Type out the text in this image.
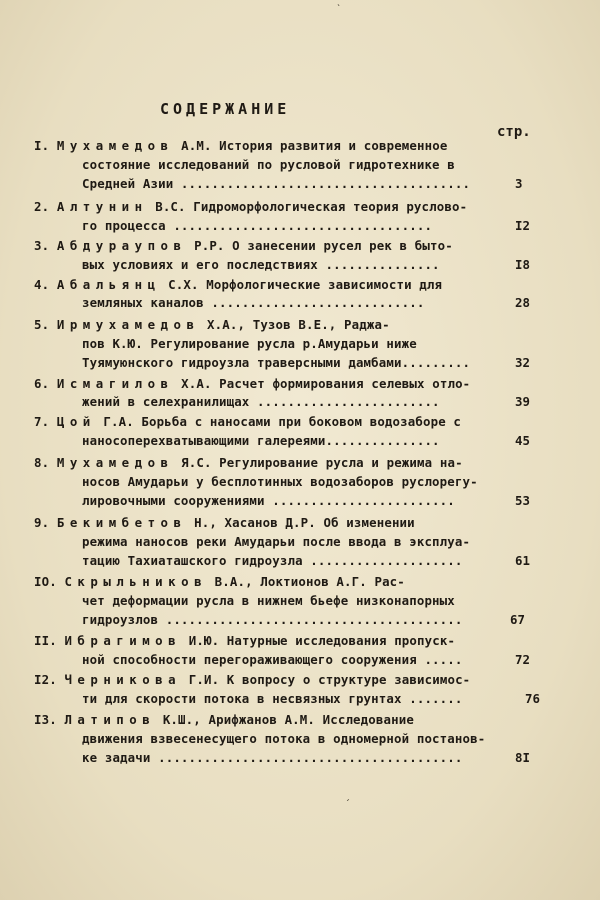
СОДЕРЖАНИЕ
стр.
I. Мухамедов А.М. История развития и современное
состояние исследований по русловой гидротехнике в
Средней Азии ......................................	3
2. Алтунин В.С. Гидроморфологическая теория руслово-
го процесса ..................................	I2
3. Абдураупов Р.Р. О занесении русел рек в быто-
вых условиях и его последствиях ...............	I8
4. Абальянц С.Х. Морфологические зависимости для
земляных каналов ............................	28
5. Ирмухамедов Х.А., Тузов В.Е., Раджа-
пов К.Ю. Регулирование русла р.Амударьи ниже
Туямуюнского гидроузла траверсными дамбами.........	32
6. Исмагилов Х.А. Расчет формирования селевых отло-
жений в селехранилищах ........................	39
7. Цой Г.А. Борьба с наносами при боковом водозаборе с
наносоперехватывающими галереями...............	45
8. Мухамедов Я.С. Регулирование русла и режима на-
носов Амударьи у бесплотинных водозаборов руслорегу-
лировочными сооружениями ........................	53
9. Бекимбетов Н., Хасанов Д.Р. Об изменении
режима наносов реки Амударьи после ввода в эксплуа-
тацию Тахиаташского гидроузла ....................	61
IO. Скрыльников В.А., Локтионов А.Г. Рас-
чет деформации русла в нижнем бьефе низконапорных
гидроузлов .......................................	67
II. Ибрагимов И.Ю. Натурные исследования пропуск-
ной способности перегораживающего сооружения .....	72
I2. Черникова Г.И. К вопросу о структуре зависимос-
ти для скорости потока в несвязных грунтах .......	76
I3. Латипов К.Ш., Арифжанов А.М. Исследование
движения взвесенесущего потока в одномерной постанов-
ке задачи ........................................	8I
ˋ
ˏ
